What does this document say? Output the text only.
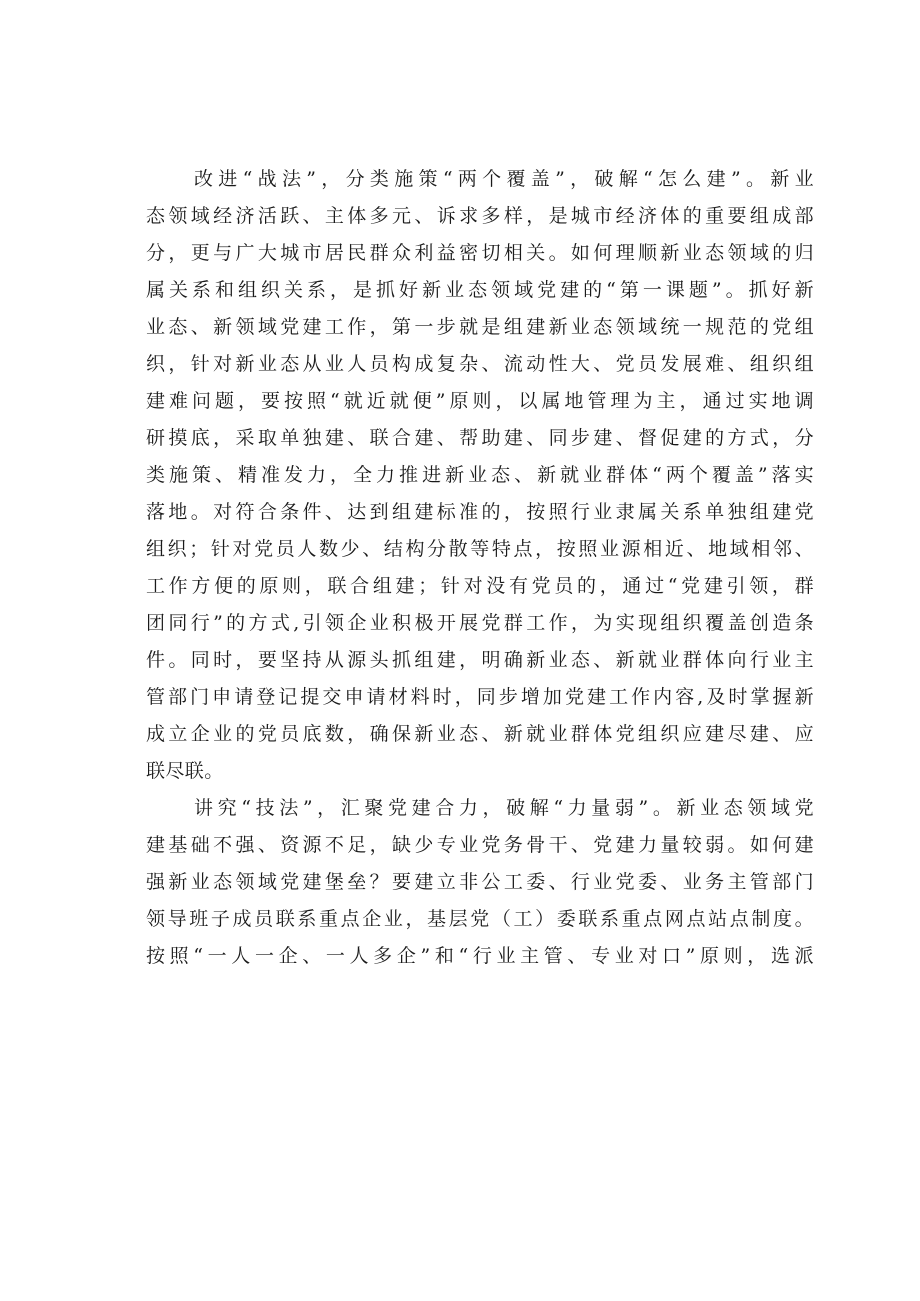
改进“战法”，分类施策“两个覆盖”，破解“怎么建”。新业
态领域经济活跃、主体多元、诉求多样，是城市经济体的重要组成部
分，更与广大城市居民群众利益密切相关。如何理顺新业态领域的归
属关系和组织关系，是抓好新业态领域党建的“第一课题”。抓好新
业态、新领域党建工作，第一步就是组建新业态领域统一规范的党组
织，针对新业态从业人员构成复杂、流动性大、党员发展难、组织组
建难问题，要按照“就近就便”原则，以属地管理为主，通过实地调
研摸底，采取单独建、联合建、帮助建、同步建、督促建的方式，分
类施策、精准发力，全力推进新业态、新就业群体“两个覆盖”落实
落地。对符合条件、达到组建标准的，按照行业隶属关系单独组建党
组织；针对党员人数少、结构分散等特点，按照业源相近、地域相邻、
工作方便的原则，联合组建；针对没有党员的，通过“党建引领，群
团同行”的方式,引领企业积极开展党群工作，为实现组织覆盖创造条
件。同时，要坚持从源头抓组建，明确新业态、新就业群体向行业主
管部门申请登记提交申请材料时，同步增加党建工作内容,及时掌握新
成立企业的党员底数，确保新业态、新就业群体党组织应建尽建、应
联尽联。
讲究“技法”，汇聚党建合力，破解“力量弱”。新业态领域党
建基础不强、资源不足，缺少专业党务骨干、党建力量较弱。如何建
强新业态领域党建堡垒？要建立非公工委、行业党委、业务主管部门
领导班子成员联系重点企业，基层党（工）委联系重点网点站点制度。
按照“一人一企、一人多企”和“行业主管、专业对口”原则，选派
